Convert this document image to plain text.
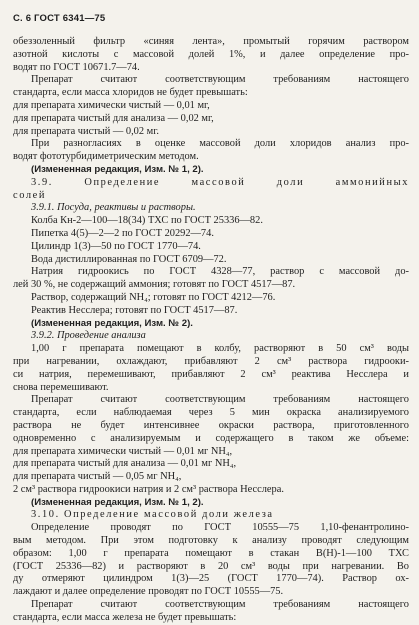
С. 6 ГОСТ 6341—75
обеззоленный фильтр «синяя лента», промытый горячим раствором
азотной кислоты с массовой долей 1%, и далее определение про-
водят по ГОСТ 10671.7—74.
Препарат считают соответствующим требованиям настоящего
стандарта, если масса хлоридов не будет превышать:
для препарата химически чистый — 0,01 мг,
для препарата чистый для анализа — 0,02 мг,
для препарата чистый — 0,02 мг.
При разногласиях в оценке массовой доли хлоридов анализ про-
водят фототурбидиметрическим методом.
(Измененная редакция, Изм. № 1, 2).
3.9. Определение массовой доли аммонийных
солей
3.9.1. Посуда, реактивы и растворы.
Колба Кн-2—100—18(34) ТХС по ГОСТ 25336—82.
Пипетка 4(5)—2—2 по ГОСТ 20292—74.
Цилиндр 1(3)—50 по ГОСТ 1770—74.
Вода дистиллированная по ГОСТ 6709—72.
Натрия гидроокись по ГОСТ 4328—77, раствор с массовой до-
лей 30 %, не содержащий аммония; готовят по ГОСТ 4517—87.
Раствор, содержащий NH₄; готовят по ГОСТ 4212—76.
Реактив Несслера; готовят по ГОСТ 4517—87.
(Измененная редакция, Изм. № 2).
3.9.2. Проведение анализа
1,00 г препарата помещают в колбу, растворяют в 50 см³ воды
при нагревании, охлаждают, прибавляют 2 см³ раствора гидрооки-
си натрия, перемешивают, прибавляют 2 см³ реактива Несслера и
снова перемешивают.
Препарат считают соответствующим требованиям настоящего
стандарта, если наблюдаемая через 5 мин окраска анализируемого
раствора не будет интенсивнее окраски раствора, приготовленного
одновременно с анализируемым и содержащего в таком же объеме:
для препарата химически чистый — 0,01 мг NH₄,
для препарата чистый для анализа — 0,01 мг NH₄,
для препарата чистый — 0,05 мг NH₄,
2 см³ раствора гидроокиси натрия и 2 см³ раствора Несслера.
(Измененная редакция, Изм. № 1, 2).
3.10. Определение массовой доли железа
Определение проводят по ГОСТ 10555—75 1,10-фенантролино-
вым методом. При этом подготовку к анализу проводят следующим
образом: 1,00 г препарата помещают в стакан В(Н)-1—100 ТХС
(ГОСТ 25336—82) и растворяют в 20 см³ воды при нагревании. Во
ду отмеряют цилиндром 1(3)—25 (ГОСТ 1770—74). Раствор ох-
лаждают и далее определение проводят по ГОСТ 10555—75.
Препарат считают соответствующим требованиям настоящего
стандарта, если масса железа не будет превышать:
